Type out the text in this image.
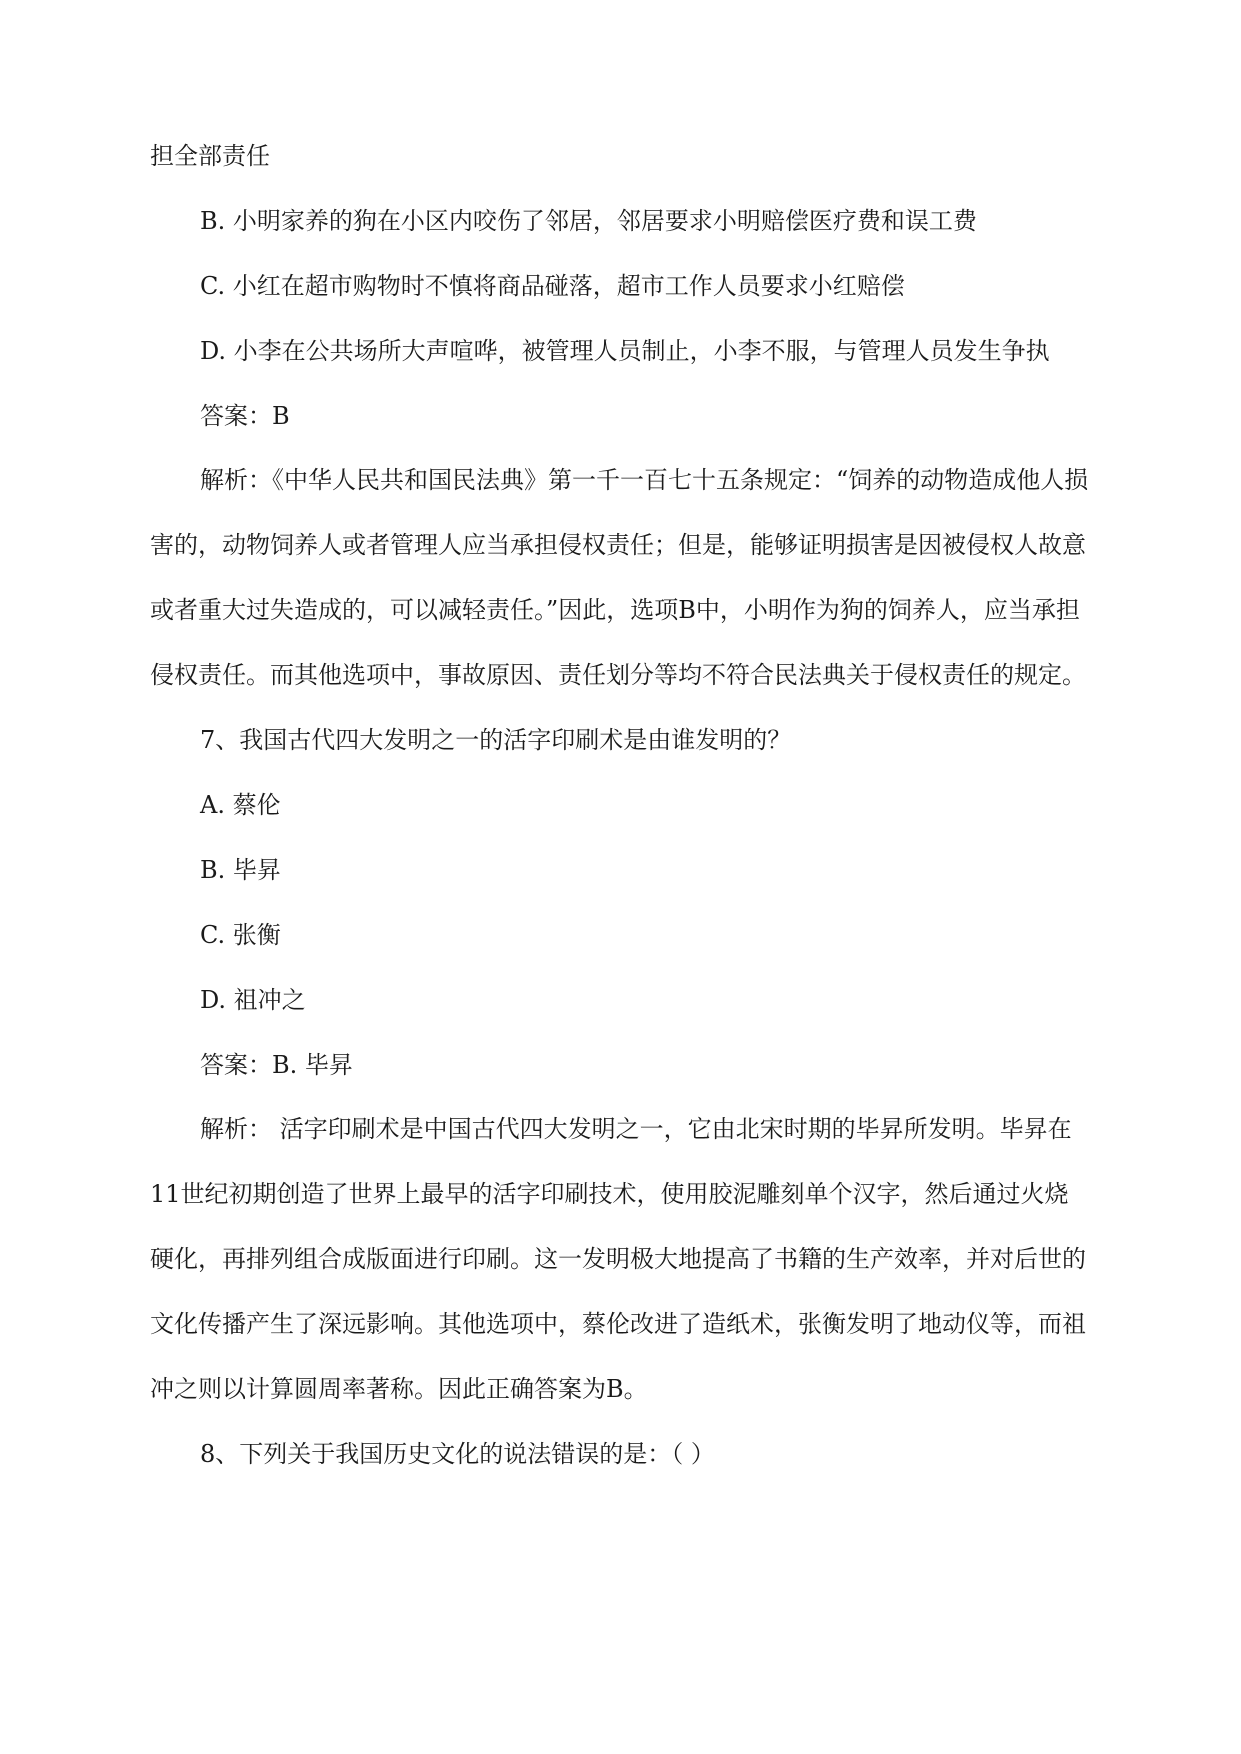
担全部责任

B. 小明家养的狗在小区内咬伤了邻居，邻居要求小明赔偿医疗费和误工费

C. 小红在超市购物时不慎将商品碰落，超市工作人员要求小红赔偿

D. 小李在公共场所大声喧哗，被管理人员制止，小李不服，与管理人员发生争执

答案：B

解析：《中华人民共和国民法典》第一千一百七十五条规定：“饲养的动物造成他人损害的，动物饲养人或者管理人应当承担侵权责任；但是，能够证明损害是因被侵权人故意或者重大过失造成的，可以减轻责任。”因此，选项B中，小明作为狗的饲养人，应当承担侵权责任。而其他选项中，事故原因、责任划分等均不符合民法典关于侵权责任的规定。

7、我国古代四大发明之一的活字印刷术是由谁发明的？

A. 蔡伦

B. 毕昇

C. 张衡

D. 祖冲之

答案：B. 毕昇

解析： 活字印刷术是中国古代四大发明之一，它由北宋时期的毕昇所发明。毕昇在11世纪初期创造了世界上最早的活字印刷技术，使用胶泥雕刻单个汉字，然后通过火烧硬化，再排列组合成版面进行印刷。这一发明极大地提高了书籍的生产效率，并对后世的文化传播产生了深远影响。其他选项中，蔡伦改进了造纸术，张衡发明了地动仪等，而祖冲之则以计算圆周率著称。因此正确答案为B。

8、下列关于我国历史文化的说法错误的是：（ ）
